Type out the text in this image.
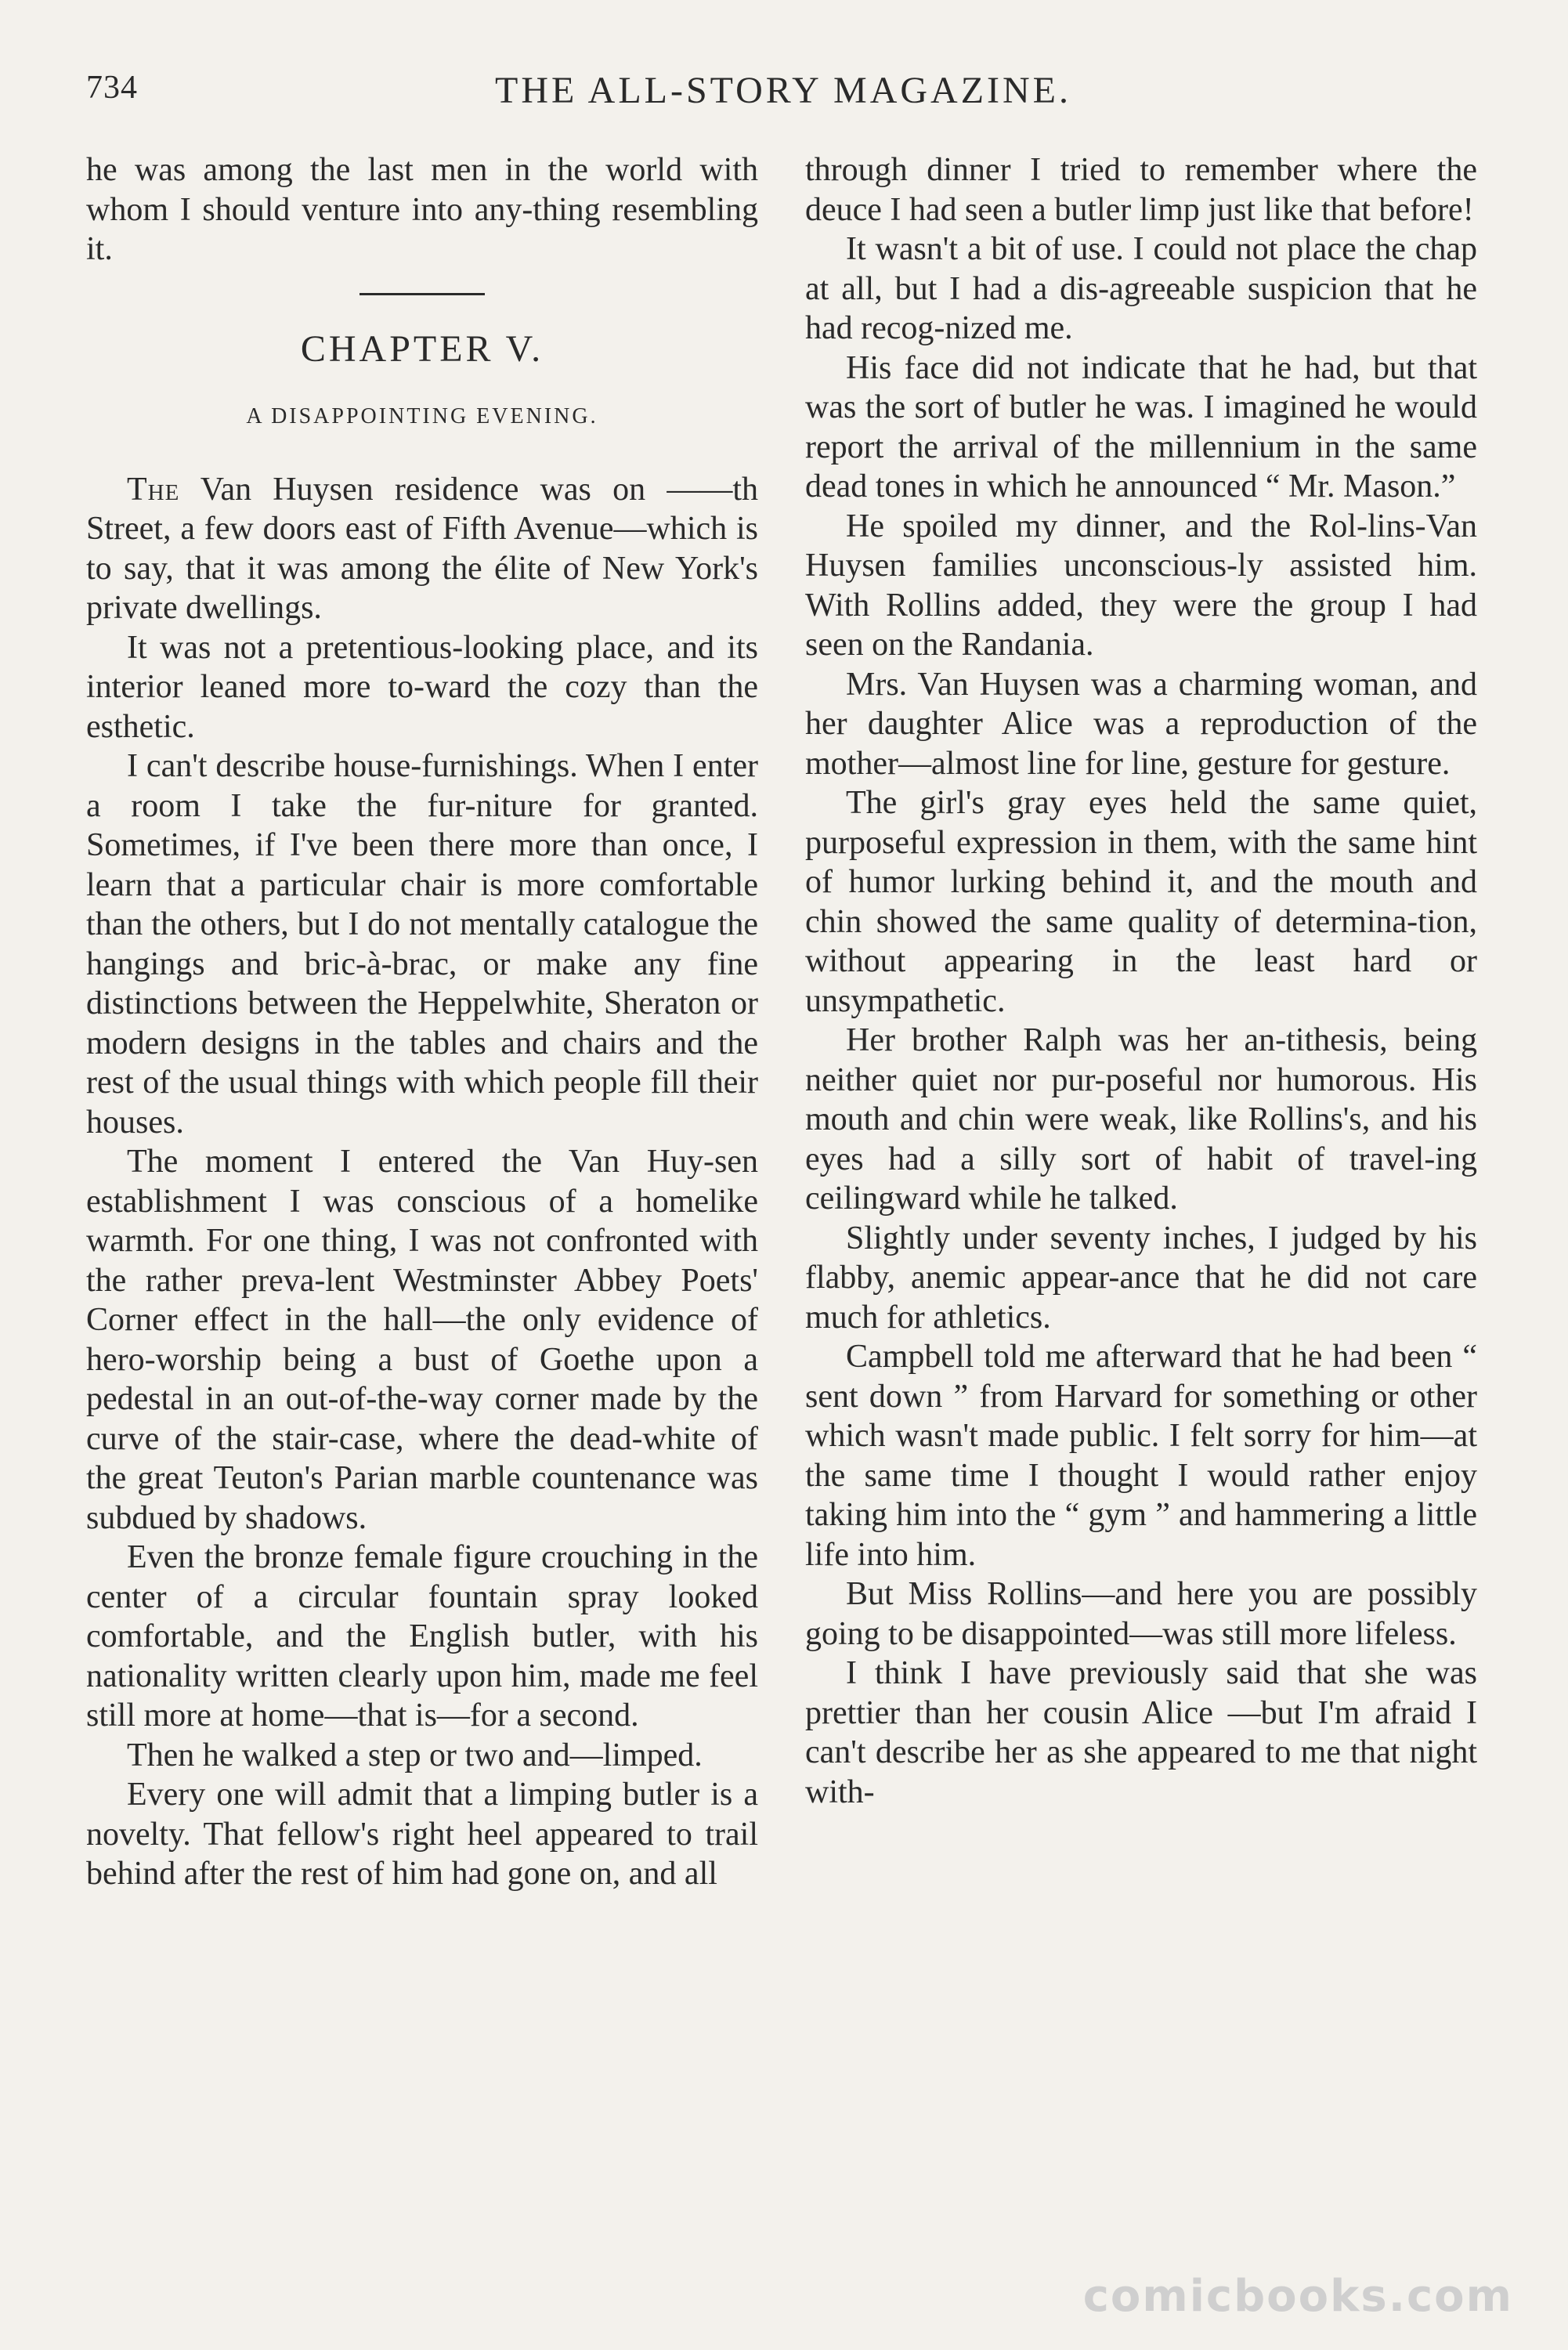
734	THE ALL-STORY MAGAZINE.

he was among the last men in the world with whom I should venture into any-thing resembling it.

CHAPTER V.
A DISAPPOINTING EVENING.

The Van Huysen residence was on ——th Street, a few doors east of Fifth Avenue—which is to say, that it was among the élite of New York's private dwellings.

It was not a pretentious-looking place, and its interior leaned more to-ward the cozy than the esthetic.

I can't describe house-furnishings. When I enter a room I take the fur-niture for granted. Sometimes, if I've been there more than once, I learn that a particular chair is more comfortable than the others, but I do not mentally catalogue the hangings and bric-à-brac, or make any fine distinctions between the Heppelwhite, Sheraton or modern designs in the tables and chairs and the rest of the usual things with which people fill their houses.

The moment I entered the Van Huy-sen establishment I was conscious of a homelike warmth. For one thing, I was not confronted with the rather preva-lent Westminster Abbey Poets' Corner effect in the hall—the only evidence of hero-worship being a bust of Goethe upon a pedestal in an out-of-the-way corner made by the curve of the stair-case, where the dead-white of the great Teuton's Parian marble countenance was subdued by shadows.

Even the bronze female figure crouching in the center of a circular fountain spray looked comfortable, and the English butler, with his nationality written clearly upon him, made me feel still more at home—that is—for a second.

Then he walked a step or two and—limped.

Every one will admit that a limping butler is a novelty. That fellow's right heel appeared to trail behind after the rest of him had gone on, and all

through dinner I tried to remember where the deuce I had seen a butler limp just like that before!

It wasn't a bit of use. I could not place the chap at all, but I had a dis-agreeable suspicion that he had recog-nized me.

His face did not indicate that he had, but that was the sort of butler he was. I imagined he would report the arrival of the millennium in the same dead tones in which he announced “ Mr. Mason.”

He spoiled my dinner, and the Rol-lins-Van Huysen families unconscious-ly assisted him. With Rollins added, they were the group I had seen on the Randania.

Mrs. Van Huysen was a charming woman, and her daughter Alice was a reproduction of the mother—almost line for line, gesture for gesture.

The girl's gray eyes held the same quiet, purposeful expression in them, with the same hint of humor lurking behind it, and the mouth and chin showed the same quality of determina-tion, without appearing in the least hard or unsympathetic.

Her brother Ralph was her an-tithesis, being neither quiet nor pur-poseful nor humorous. His mouth and chin were weak, like Rollins's, and his eyes had a silly sort of habit of travel-ing ceilingward while he talked.

Slightly under seventy inches, I judged by his flabby, anemic appear-ance that he did not care much for athletics.

Campbell told me afterward that he had been “ sent down ” from Harvard for something or other which wasn't made public. I felt sorry for him—at the same time I thought I would rather enjoy taking him into the “ gym ” and hammering a little life into him.

But Miss Rollins—and here you are possibly going to be disappointed—was still more lifeless.

I think I have previously said that she was prettier than her cousin Alice —but I'm afraid I can't describe her as she appeared to me that night with-

comicbooks.com
